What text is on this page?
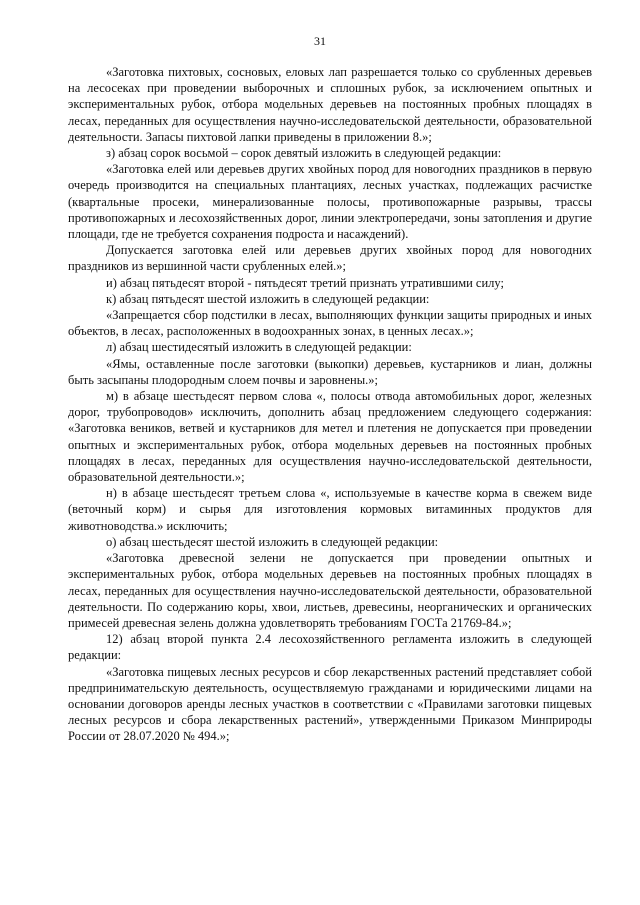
31

«Заготовка пихтовых, сосновых, еловых лап разрешается только со срубленных деревьев на лесосеках при проведении выборочных и сплошных рубок, за исключением опытных и экспериментальных рубок, отбора модельных деревьев на постоянных пробных площадях в лесах, переданных для осуществления научно-исследовательской деятельности, образовательной деятельности. Запасы пихтовой лапки приведены в приложении 8.»;

з) абзац сорок восьмой – сорок девятый изложить в следующей редакции:

«Заготовка елей или деревьев других хвойных пород для новогодних праздников в первую очередь производится на специальных плантациях, лесных участках, подлежащих расчистке (квартальные просеки, минерализованные полосы, противопожарные разрывы, трассы противопожарных и лесохозяйственных дорог, линии электропередачи, зоны затопления и другие площади, где не требуется сохранения подроста и насаждений).

Допускается заготовка елей или деревьев других хвойных пород для новогодних праздников из вершинной части срубленных елей.»;

и) абзац пятьдесят второй - пятьдесят третий признать утратившими силу;

к) абзац пятьдесят шестой изложить в следующей редакции:

«Запрещается сбор подстилки в лесах, выполняющих функции защиты природных и иных объектов, в лесах, расположенных в водоохранных зонах, в ценных лесах.»;

л) абзац шестидесятый изложить в следующей редакции:

«Ямы, оставленные после заготовки (выкопки) деревьев, кустарников и лиан, должны быть засыпаны плодородным слоем почвы и заровнены.»;

м) в абзаце шестьдесят первом слова «, полосы отвода автомобильных дорог, железных дорог, трубопроводов» исключить, дополнить абзац предложением следующего содержания: «Заготовка веников, ветвей и кустарников для метел и плетения не допускается при проведении опытных и экспериментальных рубок, отбора модельных деревьев на постоянных пробных площадях в лесах, переданных для осуществления научно-исследовательской деятельности, образовательной деятельности.»;

н) в абзаце шестьдесят третьем слова «, используемые в качестве корма в свежем виде (веточный корм) и сырья для изготовления кормовых витаминных продуктов для животноводства.» исключить;

о) абзац шестьдесят шестой изложить в следующей редакции:

«Заготовка древесной зелени не допускается при проведении опытных и экспериментальных рубок, отбора модельных деревьев на постоянных пробных площадях в лесах, переданных для осуществления научно-исследовательской деятельности, образовательной деятельности. По содержанию коры, хвои, листьев, древесины, неорганических и органических примесей древесная зелень должна удовлетворять требованиям ГОСТа 21769-84.»;

12) абзац второй пункта 2.4 лесохозяйственного регламента изложить в следующей редакции:

«Заготовка пищевых лесных ресурсов и сбор лекарственных растений представляет собой предпринимательскую деятельность, осуществляемую гражданами и юридическими лицами на основании договоров аренды лесных участков в соответствии с «Правилами заготовки пищевых лесных ресурсов и сбора лекарственных растений», утвержденными Приказом Минприроды России от 28.07.2020 № 494.»;
